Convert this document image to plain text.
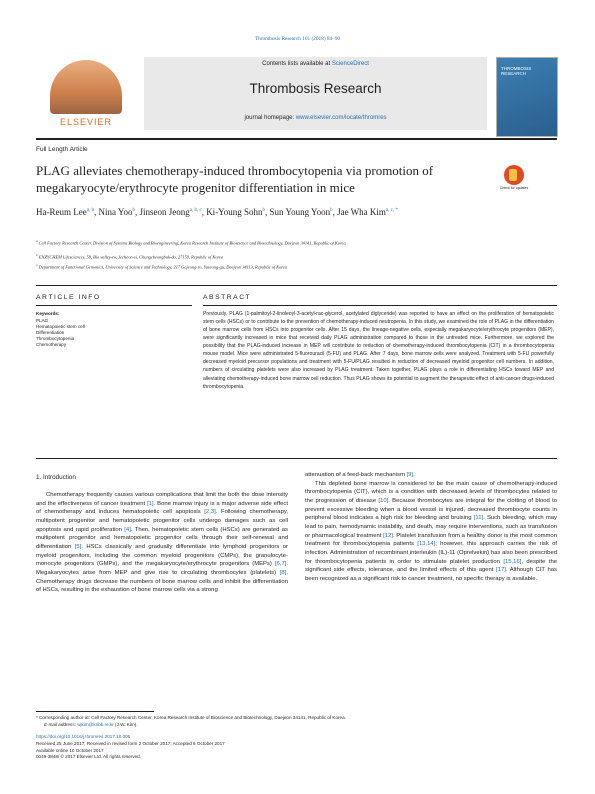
Thrombosis Research 161 (2018) 84–90
ELSEVIER
Contents lists available at ScienceDirect
Thrombosis Research
journal homepage: www.elsevier.com/locate/thromres
THROMBOSIS RESEARCH
Full Length Article
PLAG alleviates chemotherapy-induced thrombocytopenia via promotion of megakaryocyte/erythrocyte progenitor differentiation in mice	Check for updates
Ha-Reum Lee$^{a, b}$, Nina Yoo$^b$, Jinseon Jeong$^{a, b, c}$, Ki-Young Sohn$^b$, Sun Young Yoon$^b$, Jae Wha Kim$^{a, c, *}$
$^a$ Cell Factory Research Center, Division of Systems Biology and Bioengineering, Korea Research Institute of Bioscience and Biotechnology, Daejeon 34141, Republic of Korea
$^b$ ENZYCHEM Lifesciences, 59, Bio valley-ro, Jecheon-si, Chungcheongbuk-do, 27159, Republic of Korea
$^c$ Department of Functional Genomics, University of Science and Technology, 217 Gajeong-ro, Yuseong-gu, Daejeon 34113, Republic of Korea
ARTICLE INFO	ABSTRACT
Keywords:
PLAG
Hematopoietic stem cell
Differentiation
Thrombocytopenia
Chemotherapy
Previously, PLAG (1-palmitoyl-2-linoleoyl-3-acetyl-rac-glycerol, acetylated diglyceride) was reported to have an effect on the proliferation of hematopoietic stem cells (HSCs) or to contribute to the prevention of chemotherapy-induced neutropenia. In this study, we examined the role of PLAG in the differentiation of bone marrow cells from HSCs into progenitor cells. After 15 days, the lineage-negative cells, especially megakaryocyte/erythrocyte progenitors (MEP), were significantly increased in mice that received daily PLAG administration compared to those in the untreated mice. Furthermore, we explored the possibility that the PLAG-induced increase in MEP will contribute to reduction of chemotherapy-induced thrombocytopenia (CIT) in a thrombocytopenia mouse model. Mice were administrated 5-fluorouracil (5-FU) and PLAG. After 7 days, bone marrow cells were analyzed. Treatment with 5-FU powerfully decreased myeloid precursor populations and treatment with 5-FU/PLAG resulted in reduction of decreased myeloid progenitor cell numbers. In addition, numbers of circulating platelets were also increased by PLAG treatment. Taken together, PLAG plays a role in differentiating HSCs toward MEP and alleviating chemotherapy-induced bone marrow cell reduction. Thus PLAG shows its potential to augment the therapeutic effect of anti-cancer drugs-induced thrombocytopenia.
1. Introduction

Chemotherapy frequently causes various complications that limit the both the dose intensity and the effectiveness of cancer treatment [1]. Bone marrow injury is a major adverse side effect of chemotherapy and induces hematopoietic cell apoptosis [2,3]. Following chemotherapy, multipotent progenitor and hematopoietic progenitor cells undergo damages such as cell apoptosis and rapid proliferation [4]. Then, hematopoietic stem cells (HSCs) are generated as multipotent progenitor and hematopoietic progenitor cells through their self-renewal and differentiation [5]. HSCs classically and gradually differentiate into lymphoid progenitors or myeloid progenitors, including the common myeloid progenitors (CMPs), the granulocyte-monocyte progenitors (GMPs), and the megakaryocyte/erythrocyte progenitors (MEPs) [6,7]. Megakaryocytes arise from MEP and give rise to circulating thrombocytes (platelets) [8]. Chemotherapy drugs decrease the numbers of bone marrow cells and inhibit the differentiation of HSCs, resulting in the exhaustion of bone marrow cells via a strong

attenuation of a feed-back mechanism [9].

This depleted bone marrow is considered to be the main cause of chemotherapy-induced thrombocytopenia (CIT), which is a condition with decreased levels of thrombocytes related to the progression of disease [10]. Because thrombocytes are integral for the clotting of blood to prevent excessive bleeding when a blood vessel is injured, decreased thrombocyte counts in peripheral blood indicates a high risk for bleeding and bruising [11]. Such bleeding, which may lead to pain, hemodynamic instability, and death, may require interventions, such as transfusion or pharmacological treatment [12]. Platelet transfusion from a healthy donor is the most common treatment for thrombocytopenia patients [13,14]; however, this approach carries the risk of infection. Administration of recombinant interleukin (IL)-11 (Oprelvekin) has also been prescribed for thrombocytopenia patients in order to stimulate platelet production [15,16], despite the significant side effects, tolerance, and the limited effects of this agent [17]. Although CIT has been recognized as a significant risk to cancer treatment, no specific therapy is available.

* Corresponding author at: Cell Factory Research Center, Korea Research Institute of Bioscience and Biotechnology, Daejeon 34141, Republic of Korea.
E-mail address: wjkim@kribb.re.kr (J.W. Kim).
https://doi.org/10.1016/j.thromres.2017.10.005
Received 25 June 2017; Received in revised form 2 October 2017; Accepted 6 October 2017
Available online 10 October 2017
0049-3848/ © 2017 Elsevier Ltd. All rights reserved.
